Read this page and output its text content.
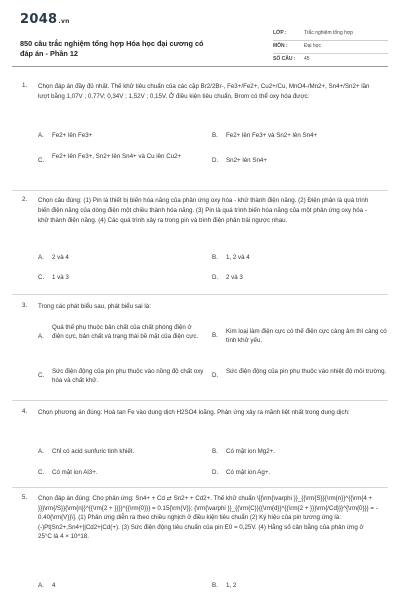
2048.vn
850 câu trắc nghiệm tổng hợp Hóa học đại cương có đáp án - Phần 12
LỚP :	Trắc nghiệm tổng hợp
MÔN :	Đại học
SỐ CÂU : 45
1. Chọn đáp án đầy đủ nhất. Thế khử tiêu chuẩn của các cặp Br2/2Br-, Fe3+/Fe2+, Cu2+/Cu, MnO4-/Mn2+, Sn4+/Sn2+ lần lượt bằng 1,07V ; 0,77V; 0,34V ; 1,52V ; 0,15V. Ở điều kiện tiêu chuẩn, Brom có thể oxy hóa được:
A. Fe2+ lên Fe3+	B. Fe2+ lên Fe3+ và Sn2+ lên Sn4+
C.
Fe2+ lên Fe3+, Sn2+ lên Sn4+ và Cu lên Cu2+
D. Sn2+ lên Sn4+
2. Chọn câu đúng: (1) Pin là thiết bị biến hóa năng của phản ứng oxy hóa - khử thành điện năng. (2) Điện phân là quá trình biến điện năng của dòng điện một chiều thành hóa năng. (3) Pin là quá trình biến hóa năng của một phản ứng oxy hóa - khử thành điện năng. (4) Các quá trình xảy ra trong pin và bình điện phân trái ngược nhau.
A. 2 và 4	B. 1, 2 và 4
C. 1 và 3	D. 2 và 3
3. Trong các phát biểu sau, phát biểu sai là:
A.
Quá thế phụ thuộc bản chất của chất phóng điện ở điện cực, bản chất và trạng thái bề mặt của điện cực.	B.
Kim loại làm điện cực có thế điện cực càng âm thì càng có tính khử yếu.
C.
Sức điện động của pin phụ thuộc vào nồng độ chất oxy hóa và chất khử.
D.
Sức điện động của pin phụ thuộc vào nhiệt độ môi trường.
4. Chọn phương án đúng: Hoà tan Fe vào dung dịch H2SO4 loãng. Phản ứng xảy ra mãnh liệt nhất trong dung dịch:
A. Chỉ có acid sunfuric tinh khiết.	B. Có mặt ion Mg2+.
C. Có mặt ion Al3+.	D. Có mặt ion Ag+.
5. Chọn đáp án đúng: Cho phản ứng: Sn4+ + Cd ⇄ Sn2+ + Cd2+. Thế khử chuẩn \[{\rm{\varphi }}_{{\rm{S}}{\rm{n}}^{{\rm{4 + }}}\rm{/S}}{\rm{n}}^{{\rm{2 + }}}}^{{\rm{0}}} = 0.15{\rm{V}}; {\rm{\varphi }}_{{\rm{C}}{{\rm{d}}^{{\rm{2 + }}}\rm{/Cd}}}^{\rm{0}}} = - 0.40{\rm{V}}\]. (1) Phản ứng diễn ra theo chiều nghịch ở điều kiện tiêu chuẩn (2) Ký hiệu của pin tương ứng là: (-)Pt|Sn2+,Sn4+||Cd2+|Cd(+). (3) Sức điện động tiêu chuẩn của pin E0 = 0,25V. (4) Hằng số cân bằng của phản ứng ở 25°C là 4 × 10^18.
A. 4	B. 1, 2
